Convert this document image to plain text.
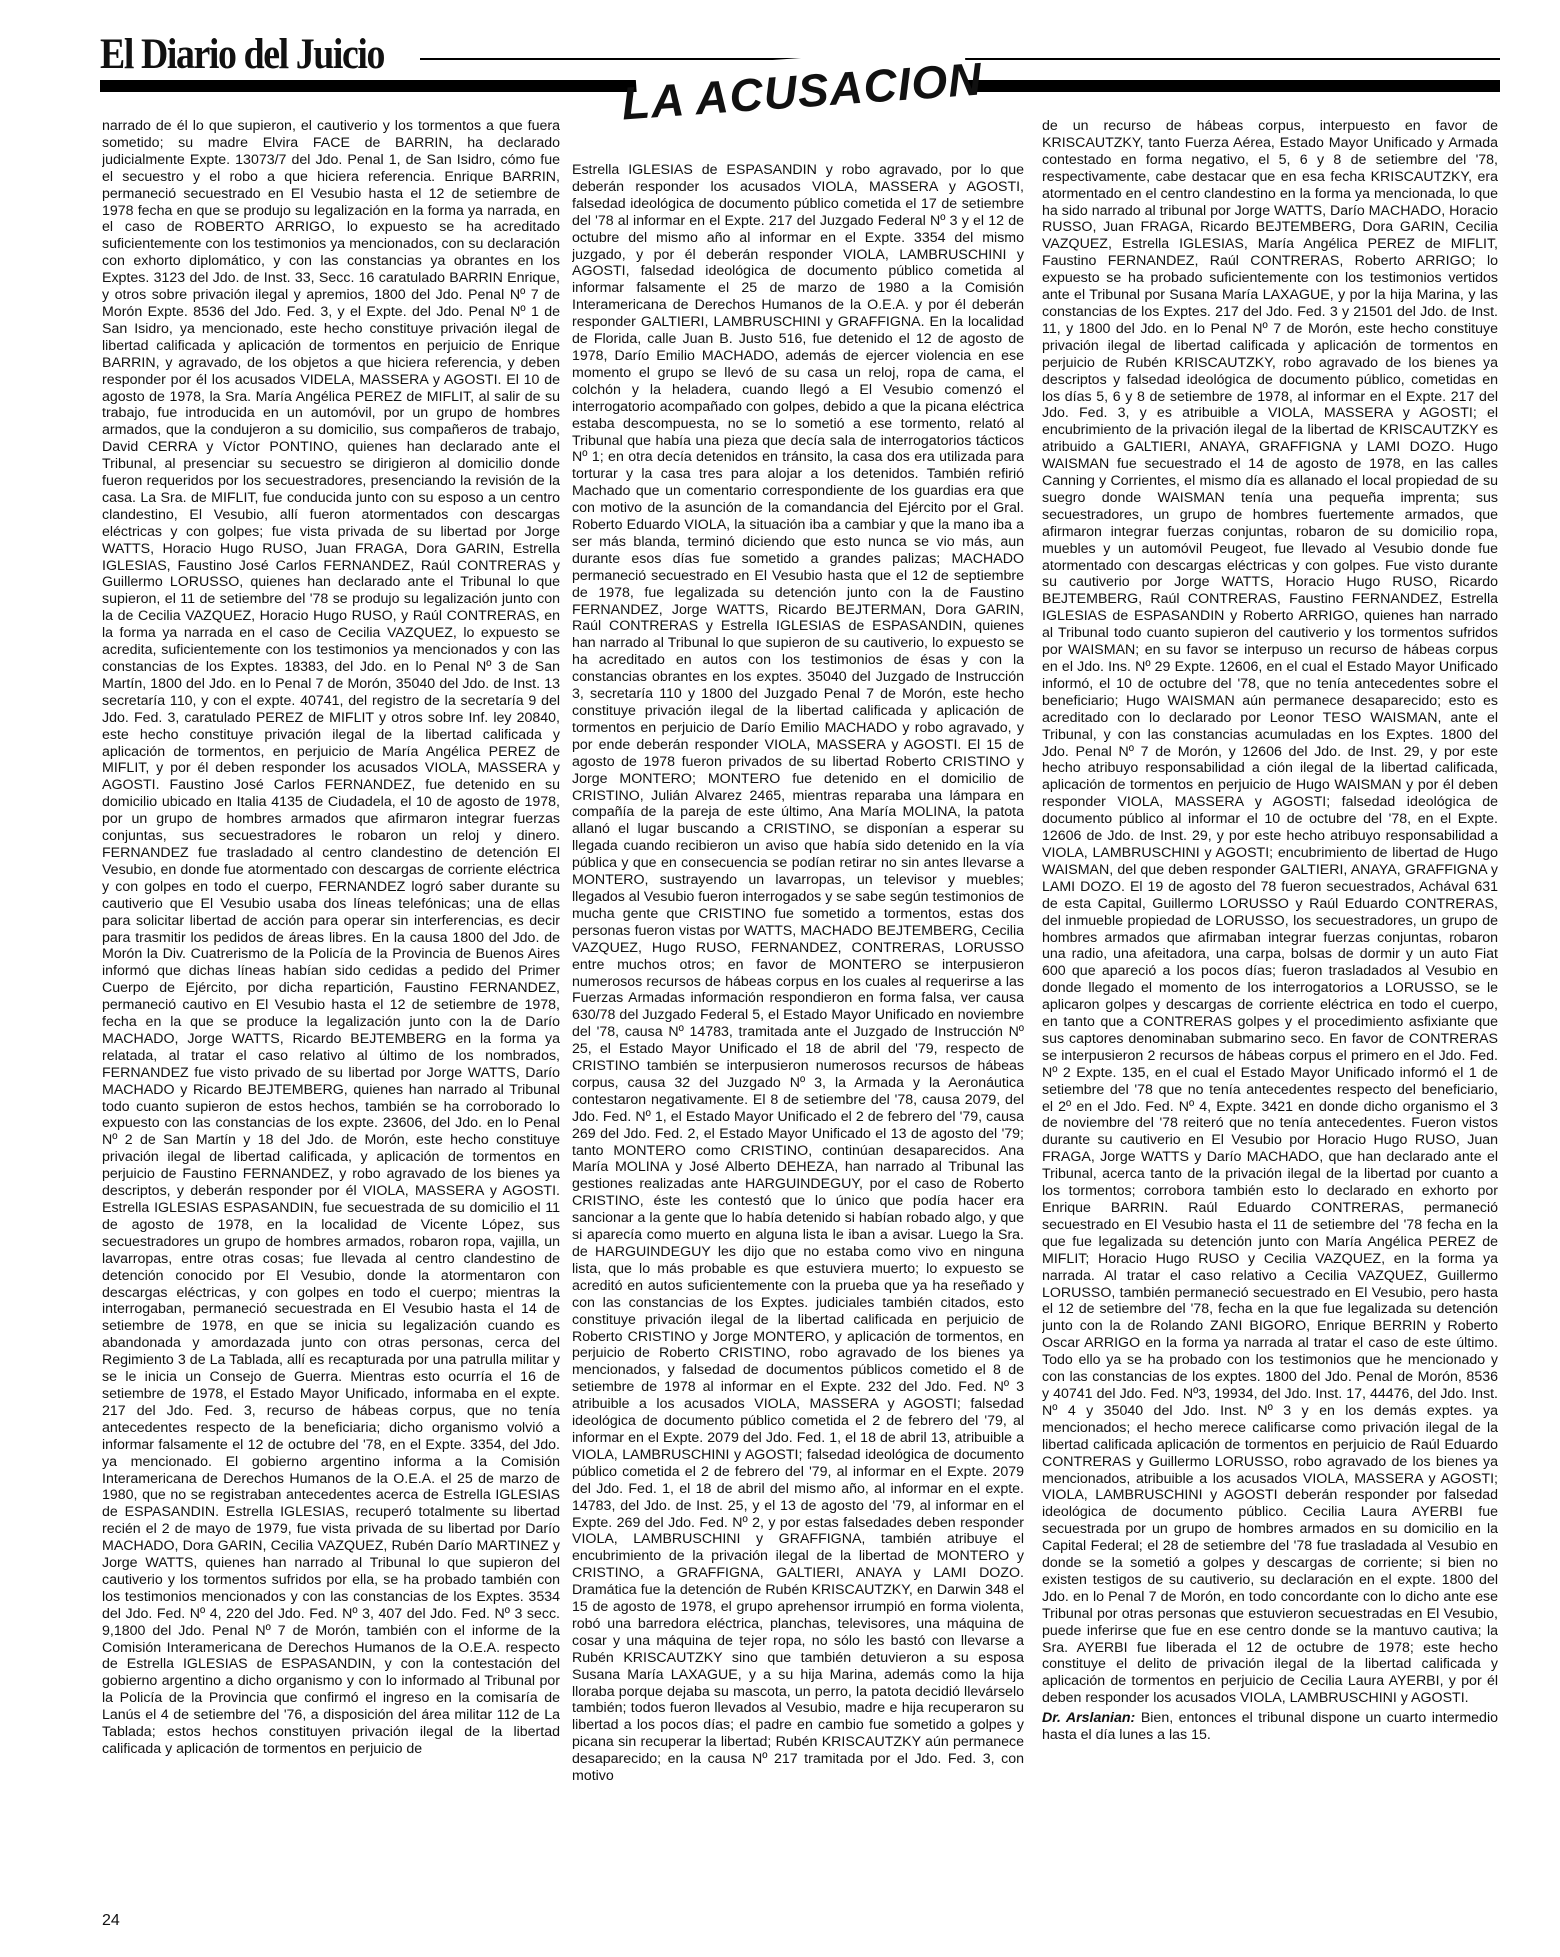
El Diario del Juicio	LA ACUSACION

narrado de él lo que supieron, el cautiverio y los tormentos a que fuera sometido; su madre Elvira FACE de BARRIN, ha declarado judicialmente Expte. 13073/7 del Jdo. Penal 1, de San Isidro, cómo fue el secuestro y el robo a que hiciera referencia. Enrique BARRIN, permaneció secuestrado en El Vesubio hasta el 12 de setiembre de 1978 fecha en que se produjo su legalización en la forma ya narrada, en el caso de ROBERTO ARRIGO, lo expuesto se ha acreditado suficientemente con los testimonios ya mencionados, con su declaración con exhorto diplomático, y con las constancias ya obrantes en los Exptes. 3123 del Jdo. de Inst. 33, Secc. 16 caratulado BARRIN Enrique, y otros sobre privación ilegal y apremios, 1800 del Jdo. Penal Nº 7 de Morón Expte. 8536 del Jdo. Fed. 3, y el Expte. del Jdo. Penal Nº 1 de San Isidro, ya mencionado, este hecho constituye privación ilegal de libertad calificada y aplicación de tormentos en perjuicio de Enrique BARRIN, y agravado, de los objetos a que hiciera referencia, y deben responder por él los acusados VIDELA, MASSERA y AGOSTI. El 10 de agosto de 1978, la Sra. María Angélica PEREZ de MIFLIT, al salir de su trabajo, fue introducida en un automóvil, por un grupo de hombres armados, que la condujeron a su domicilio, sus compañeros de trabajo, David CERRA y Víctor PONTINO, quienes han declarado ante el Tribunal, al presenciar su secuestro se dirigieron al domicilio donde fueron requeridos por los secuestradores, presenciando la revisión de la casa. La Sra. de MIFLIT, fue conducida junto con su esposo a un centro clandestino, El Vesubio, allí fueron atormentados con descargas eléctricas y con golpes; fue vista privada de su libertad por Jorge WATTS, Horacio Hugo RUSO, Juan FRAGA, Dora GARIN, Estrella IGLESIAS, Faustino José Carlos FERNANDEZ, Raúl CONTRERAS y Guillermo LORUSSO, quienes han declarado ante el Tribunal lo que supieron, el 11 de setiembre del '78 se produjo su legalización junto con la de Cecilia VAZQUEZ, Horacio Hugo RUSO, y Raúl CONTRERAS, en la forma ya narrada en el caso de Cecilia VAZQUEZ, lo expuesto se acredita, suficientemente con los testimonios ya mencionados y con las constancias de los Exptes. 18383, del Jdo. en lo Penal Nº 3 de San Martín, 1800 del Jdo. en lo Penal 7 de Morón, 35040 del Jdo. de Inst. 13 secretaría 110, y con el expte. 40741, del registro de la secretaría 9 del Jdo. Fed. 3, caratulado PEREZ de MIFLIT y otros sobre Inf. ley 20840, este hecho constituye privación ilegal de la libertad calificada y aplicación de tormentos, en perjuicio de María Angélica PEREZ de MIFLIT, y por él deben responder los acusados VIOLA, MASSERA y AGOSTI. Faustino José Carlos FERNANDEZ, fue detenido en su domicilio ubicado en Italia 4135 de Ciudadela, el 10 de agosto de 1978, por un grupo de hombres armados que afirmaron integrar fuerzas conjuntas, sus secuestradores le robaron un reloj y dinero. FERNANDEZ fue trasladado al centro clandestino de detención El Vesubio, en donde fue atormentado con descargas de corriente eléctrica y con golpes en todo el cuerpo, FERNANDEZ logró saber durante su cautiverio que El Vesubio usaba dos líneas telefónicas; una de ellas para solicitar libertad de acción para operar sin interferencias, es decir para trasmitir los pedidos de áreas libres. En la causa 1800 del Jdo. de Morón la Div. Cuatrerismo de la Policía de la Provincia de Buenos Aires informó que dichas líneas habían sido cedidas a pedido del Primer Cuerpo de Ejército, por dicha repartición, Faustino FERNANDEZ, permaneció cautivo en El Vesubio hasta el 12 de setiembre de 1978, fecha en la que se produce la legalización junto con la de Darío MACHADO, Jorge WATTS, Ricardo BEJTEMBERG en la forma ya relatada, al tratar el caso relativo al último de los nombrados, FERNANDEZ fue visto privado de su libertad por Jorge WATTS, Darío MACHADO y Ricardo BEJTEMBERG, quienes han narrado al Tribunal todo cuanto supieron de estos hechos, también se ha corroborado lo expuesto con las constancias de los expte. 23606, del Jdo. en lo Penal Nº 2 de San Martín y 18 del Jdo. de Morón, este hecho constituye privación ilegal de libertad calificada, y aplicación de tormentos en perjuicio de Faustino FERNANDEZ, y robo agravado de los bienes ya descriptos, y deberán responder por él VIOLA, MASSERA y AGOSTI. Estrella IGLESIAS ESPASANDIN, fue secuestrada de su domicilio el 11 de agosto de 1978, en la localidad de Vicente López, sus secuestradores un grupo de hombres armados, robaron ropa, vajilla, un lavarropas, entre otras cosas; fue llevada al centro clandestino de detención conocido por El Vesubio, donde la atormentaron con descargas eléctricas, y con golpes en todo el cuerpo; mientras la interrogaban, permaneció secuestrada en El Vesubio hasta el 14 de setiembre de 1978, en que se inicia su legalización cuando es abandonada y amordazada junto con otras personas, cerca del Regimiento 3 de La Tablada, allí es recapturada por una patrulla militar y se le inicia un Consejo de Guerra. Mientras esto ocurría el 16 de setiembre de 1978, el Estado Mayor Unificado, informaba en el expte. 217 del Jdo. Fed. 3, recurso de hábeas corpus, que no tenía antecedentes respecto de la beneficiaria; dicho organismo volvió a informar falsamente el 12 de octubre del '78, en el Expte. 3354, del Jdo. ya mencionado. El gobierno argentino informa a la Comisión Interamericana de Derechos Humanos de la O.E.A. el 25 de marzo de 1980, que no se registraban antecedentes acerca de Estrella IGLESIAS de ESPASANDIN. Estrella IGLESIAS, recuperó totalmente su libertad recién el 2 de mayo de 1979, fue vista privada de su libertad por Darío MACHADO, Dora GARIN, Cecilia VAZQUEZ, Rubén Darío MARTINEZ y Jorge WATTS, quienes han narrado al Tribunal lo que supieron del cautiverio y los tormentos sufridos por ella, se ha probado también con los testimonios mencionados y con las constancias de los Exptes. 3534 del Jdo. Fed. Nº 4, 220 del Jdo. Fed. Nº 3, 407 del Jdo. Fed. Nº 3 secc. 9,1800 del Jdo. Penal Nº 7 de Morón, también con el informe de la Comisión Interamericana de Derechos Humanos de la O.E.A. respecto de Estrella IGLESIAS de ESPASANDIN, y con la contestación del gobierno argentino a dicho organismo y con lo informado al Tribunal por la Policía de la Provincia que confirmó el ingreso en la comisaría de Lanús el 4 de setiembre del '76, a disposición del área militar 112 de La Tablada; estos hechos constituyen privación ilegal de la libertad calificada y aplicación de tormentos en perjuicio de

Estrella IGLESIAS de ESPASANDIN y robo agravado, por lo que deberán responder los acusados VIOLA, MASSERA y AGOSTI, falsedad ideológica de documento público cometida el 17 de setiembre del '78 al informar en el Expte. 217 del Juzgado Federal Nº 3 y el 12 de octubre del mismo año al informar en el Expte. 3354 del mismo juzgado, y por él deberán responder VIOLA, LAMBRUSCHINI y AGOSTI, falsedad ideológica de documento público cometida al informar falsamente el 25 de marzo de 1980 a la Comisión Interamericana de Derechos Humanos de la O.E.A. y por él deberán responder GALTIERI, LAMBRUSCHINI y GRAFFIGNA. En la localidad de Florida, calle Juan B. Justo 516, fue detenido el 12 de agosto de 1978, Darío Emilio MACHADO, además de ejercer violencia en ese momento el grupo se llevó de su casa un reloj, ropa de cama, el colchón y la heladera, cuando llegó a El Vesubio comenzó el interrogatorio acompañado con golpes, debido a que la picana eléctrica estaba descompuesta, no se lo sometió a ese tormento, relató al Tribunal que había una pieza que decía sala de interrogatorios tácticos Nº 1; en otra decía detenidos en tránsito, la casa dos era utilizada para torturar y la casa tres para alojar a los detenidos. También refirió Machado que un comentario correspondiente de los guardias era que con motivo de la asunción de la comandancia del Ejército por el Gral. Roberto Eduardo VIOLA, la situación iba a cambiar y que la mano iba a ser más blanda, terminó diciendo que esto nunca se vio más, aun durante esos días fue sometido a grandes palizas; MACHADO permaneció secuestrado en El Vesubio hasta que el 12 de septiembre de 1978, fue legalizada su detención junto con la de Faustino FERNANDEZ, Jorge WATTS, Ricardo BEJTERMAN, Dora GARIN, Raúl CONTRERAS y Estrella IGLESIAS de ESPASANDIN, quienes han narrado al Tribunal lo que supieron de su cautiverio, lo expuesto se ha acreditado en autos con los testimonios de ésas y con la constancias obrantes en los exptes. 35040 del Juzgado de Instrucción 3, secretaría 110 y 1800 del Juzgado Penal 7 de Morón, este hecho constituye privación ilegal de la libertad calificada y aplicación de tormentos en perjuicio de Darío Emilio MACHADO y robo agravado, y por ende deberán responder VIOLA, MASSERA y AGOSTI. El 15 de agosto de 1978 fueron privados de su libertad Roberto CRISTINO y Jorge MONTERO; MONTERO fue detenido en el domicilio de CRISTINO, Julián Alvarez 2465, mientras reparaba una lámpara en compañía de la pareja de este último, Ana María MOLINA, la patota allanó el lugar buscando a CRISTINO, se disponían a esperar su llegada cuando recibieron un aviso que había sido detenido en la vía pública y que en consecuencia se podían retirar no sin antes llevarse a MONTERO, sustrayendo un lavarropas, un televisor y muebles; llegados al Vesubio fueron interrogados y se sabe según testimonios de mucha gente que CRISTINO fue sometido a tormentos, estas dos personas fueron vistas por WATTS, MACHADO BEJTEMBERG, Cecilia VAZQUEZ, Hugo RUSO, FERNANDEZ, CONTRERAS, LORUSSO entre muchos otros; en favor de MONTERO se interpusieron numerosos recursos de hábeas corpus en los cuales al requerirse a las Fuerzas Armadas información respondieron en forma falsa, ver causa 630/78 del Juzgado Federal 5, el Estado Mayor Unificado en noviembre del '78, causa Nº 14783, tramitada ante el Juzgado de Instrucción Nº 25, el Estado Mayor Unificado el 18 de abril del '79, respecto de CRISTINO también se interpusieron numerosos recursos de hábeas corpus, causa 32 del Juzgado Nº 3, la Armada y la Aeronáutica contestaron negativamente. El 8 de setiembre del '78, causa 2079, del Jdo. Fed. Nº 1, el Estado Mayor Unificado el 2 de febrero del '79, causa 269 del Jdo. Fed. 2, el Estado Mayor Unificado el 13 de agosto del '79; tanto MONTERO como CRISTINO, continúan desaparecidos. Ana María MOLINA y José Alberto DEHEZA, han narrado al Tribunal las gestiones realizadas ante HARGUINDEGUY, por el caso de Roberto CRISTINO, éste les contestó que lo único que podía hacer era sancionar a la gente que lo había detenido si habían robado algo, y que si aparecía como muerto en alguna lista le iban a avisar. Luego la Sra. de HARGUINDEGUY les dijo que no estaba como vivo en ninguna lista, que lo más probable es que estuviera muerto; lo expuesto se acreditó en autos suficientemente con la prueba que ya ha reseñado y con las constancias de los Exptes. judiciales también citados, esto constituye privación ilegal de la libertad calificada en perjuicio de Roberto CRISTINO y Jorge MONTERO, y aplicación de tormentos, en perjuicio de Roberto CRISTINO, robo agravado de los bienes ya mencionados, y falsedad de documentos públicos cometido el 8 de setiembre de 1978 al informar en el Expte. 232 del Jdo. Fed. Nº 3 atribuible a los acusados VIOLA, MASSERA y AGOSTI; falsedad ideológica de documento público cometida el 2 de febrero del '79, al informar en el Expte. 2079 del Jdo. Fed. 1, el 18 de abril 13, atribuible a VIOLA, LAMBRUSCHINI y AGOSTI; falsedad ideológica de documento público cometida el 2 de febrero del '79, al informar en el Expte. 2079 del Jdo. Fed. 1, el 18 de abril del mismo año, al informar en el expte. 14783, del Jdo. de Inst. 25, y el 13 de agosto del '79, al informar en el Expte. 269 del Jdo. Fed. Nº 2, y por estas falsedades deben responder VIOLA, LAMBRUSCHINI y GRAFFIGNA, también atribuye el encubrimiento de la privación ilegal de la libertad de MONTERO y CRISTINO, a GRAFFIGNA, GALTIERI, ANAYA y LAMI DOZO. Dramática fue la detención de Rubén KRISCAUTZKY, en Darwin 348 el 15 de agosto de 1978, el grupo aprehensor irrumpió en forma violenta, robó una barredora eléctrica, planchas, televisores, una máquina de cosar y una máquina de tejer ropa, no sólo les bastó con llevarse a Rubén KRISCAUTZKY sino que también detuvieron a su esposa Susana María LAXAGUE, y a su hija Marina, además como la hija lloraba porque dejaba su mascota, un perro, la patota decidió llevárselo también; todos fueron llevados al Vesubio, madre e hija recuperaron su libertad a los pocos días; el padre en cambio fue sometido a golpes y picana sin recuperar la libertad; Rubén KRISCAUTZKY aún permanece desaparecido; en la causa Nº 217 tramitada por el Jdo. Fed. 3, con motivo

de un recurso de hábeas corpus, interpuesto en favor de KRISCAUTZKY, tanto Fuerza Aérea, Estado Mayor Unificado y Armada contestado en forma negativo, el 5, 6 y 8 de setiembre del '78, respectivamente, cabe destacar que en esa fecha KRISCAUTZKY, era atormentado en el centro clandestino en la forma ya mencionada, lo que ha sido narrado al tribunal por Jorge WATTS, Darío MACHADO, Horacio RUSSO, Juan FRAGA, Ricardo BEJTEMBERG, Dora GARIN, Cecilia VAZQUEZ, Estrella IGLESIAS, María Angélica PEREZ de MIFLIT, Faustino FERNANDEZ, Raúl CONTRERAS, Roberto ARRIGO; lo expuesto se ha probado suficientemente con los testimonios vertidos ante el Tribunal por Susana María LAXAGUE, y por la hija Marina, y las constancias de los Exptes. 217 del Jdo. Fed. 3 y 21501 del Jdo. de Inst. 11, y 1800 del Jdo. en lo Penal Nº 7 de Morón, este hecho constituye privación ilegal de libertad calificada y aplicación de tormentos en perjuicio de Rubén KRISCAUTZKY, robo agravado de los bienes ya descriptos y falsedad ideológica de documento público, cometidas en los días 5, 6 y 8 de setiembre de 1978, al informar en el Expte. 217 del Jdo. Fed. 3, y es atribuible a VIOLA, MASSERA y AGOSTI; el encubrimiento de la privación ilegal de la libertad de KRISCAUTZKY es atribuido a GALTIERI, ANAYA, GRAFFIGNA y LAMI DOZO. Hugo WAISMAN fue secuestrado el 14 de agosto de 1978, en las calles Canning y Corrientes, el mismo día es allanado el local propiedad de su suegro donde WAISMAN tenía una pequeña imprenta; sus secuestradores, un grupo de hombres fuertemente armados, que afirmaron integrar fuerzas conjuntas, robaron de su domicilio ropa, muebles y un automóvil Peugeot, fue llevado al Vesubio donde fue atormentado con descargas eléctricas y con golpes. Fue visto durante su cautiverio por Jorge WATTS, Horacio Hugo RUSO, Ricardo BEJTEMBERG, Raúl CONTRERAS, Faustino FERNANDEZ, Estrella IGLESIAS de ESPASANDIN y Roberto ARRIGO, quienes han narrado al Tribunal todo cuanto supieron del cautiverio y los tormentos sufridos por WAISMAN; en su favor se interpuso un recurso de hábeas corpus en el Jdo. Ins. Nº 29 Expte. 12606, en el cual el Estado Mayor Unificado informó, el 10 de octubre del '78, que no tenía antecedentes sobre el beneficiario; Hugo WAISMAN aún permanece desaparecido; esto es acreditado con lo declarado por Leonor TESO WAISMAN, ante el Tribunal, y con las constancias acumuladas en los Exptes. 1800 del Jdo. Penal Nº 7 de Morón, y 12606 del Jdo. de Inst. 29, y por este hecho atribuyo responsabilidad a ción ilegal de la libertad calificada, aplicación de tormentos en perjuicio de Hugo WAISMAN y por él deben responder VIOLA, MASSERA y AGOSTI; falsedad ideológica de documento público al informar el 10 de octubre del '78, en el Expte. 12606 de Jdo. de Inst. 29, y por este hecho atribuyo responsabilidad a VIOLA, LAMBRUSCHINI y AGOSTI; encubrimiento de libertad de Hugo WAISMAN, del que deben responder GALTIERI, ANAYA, GRAFFIGNA y LAMI DOZO. El 19 de agosto del 78 fueron secuestrados, Achával 631 de esta Capital, Guillermo LORUSSO y Raúl Eduardo CONTRERAS, del inmueble propiedad de LORUSSO, los secuestradores, un grupo de hombres armados que afirmaban integrar fuerzas conjuntas, robaron una radio, una afeitadora, una carpa, bolsas de dormir y un auto Fiat 600 que apareció a los pocos días; fueron trasladados al Vesubio en donde llegado el momento de los interrogatorios a LORUSSO, se le aplicaron golpes y descargas de corriente eléctrica en todo el cuerpo, en tanto que a CONTRERAS golpes y el procedimiento asfixiante que sus captores denominaban submarino seco. En favor de CONTRERAS se interpusieron 2 recursos de hábeas corpus el primero en el Jdo. Fed. Nº 2 Expte. 135, en el cual el Estado Mayor Unificado informó el 1 de setiembre del '78 que no tenía antecedentes respecto del beneficiario, el 2º en el Jdo. Fed. Nº 4, Expte. 3421 en donde dicho organismo el 3 de noviembre del '78 reiteró que no tenía antecedentes. Fueron vistos durante su cautiverio en El Vesubio por Horacio Hugo RUSO, Juan FRAGA, Jorge WATTS y Darío MACHADO, que han declarado ante el Tribunal, acerca tanto de la privación ilegal de la libertad por cuanto a los tormentos; corrobora también esto lo declarado en exhorto por Enrique BARRIN. Raúl Eduardo CONTRERAS, permaneció secuestrado en El Vesubio hasta el 11 de setiembre del '78 fecha en la que fue legalizada su detención junto con María Angélica PEREZ de MIFLIT; Horacio Hugo RUSO y Cecilia VAZQUEZ, en la forma ya narrada. Al tratar el caso relativo a Cecilia VAZQUEZ, Guillermo LORUSSO, también permaneció secuestrado en El Vesubio, pero hasta el 12 de setiembre del '78, fecha en la que fue legalizada su detención junto con la de Rolando ZANI BIGORO, Enrique BERRIN y Roberto Oscar ARRIGO en la forma ya narrada al tratar el caso de este último. Todo ello ya se ha probado con los testimonios que he mencionado y con las constancias de los exptes. 1800 del Jdo. Penal de Morón, 8536 y 40741 del Jdo. Fed. Nº3, 19934, del Jdo. Inst. 17, 44476, del Jdo. Inst. Nº 4 y 35040 del Jdo. Inst. Nº 3 y en los demás exptes. ya mencionados; el hecho merece calificarse como privación ilegal de la libertad calificada aplicación de tormentos en perjuicio de Raúl Eduardo CONTRERAS y Guillermo LORUSSO, robo agravado de los bienes ya mencionados, atribuible a los acusados VIOLA, MASSERA y AGOSTI; VIOLA, LAMBRUSCHINI y AGOSTI deberán responder por falsedad ideológica de documento público. Cecilia Laura AYERBI fue secuestrada por un grupo de hombres armados en su domicilio en la Capital Federal; el 28 de setiembre del '78 fue trasladada al Vesubio en donde se la sometió a golpes y descargas de corriente; si bien no existen testigos de su cautiverio, su declaración en el expte. 1800 del Jdo. en lo Penal 7 de Morón, en todo concordante con lo dicho ante ese Tribunal por otras personas que estuvieron secuestradas en El Vesubio, puede inferirse que fue en ese centro donde se la mantuvo cautiva; la Sra. AYERBI fue liberada el 12 de octubre de 1978; este hecho constituye el delito de privación ilegal de la libertad calificada y aplicación de tormentos en perjuicio de Cecilia Laura AYERBI, y por él deben responder los acusados VIOLA, LAMBRUSCHINI y AGOSTI.

Dr. Arslanian: Bien, entonces el tribunal dispone un cuarto intermedio hasta el día lunes a las 15.

24
